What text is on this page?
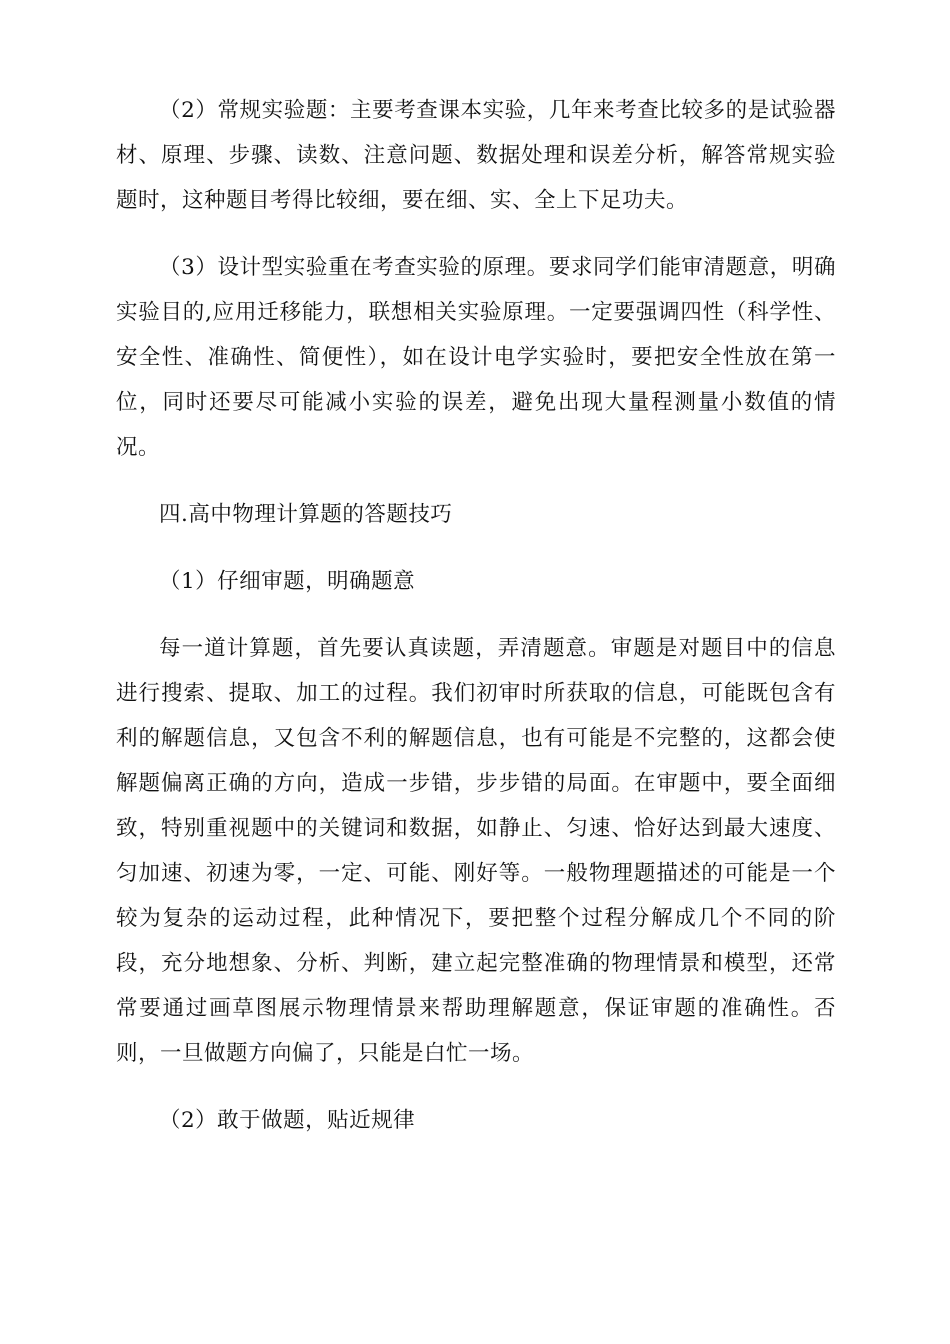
（2）常规实验题：主要考查课本实验，几年来考查比较多的是试验器材、原理、步骤、读数、注意问题、数据处理和误差分析，解答常规实验题时，这种题目考得比较细，要在细、实、全上下足功夫。

（3）设计型实验重在考查实验的原理。要求同学们能审清题意，明确实验目的,应用迁移能力，联想相关实验原理。一定要强调四性（科学性、安全性、准确性、简便性），如在设计电学实验时，要把安全性放在第一位，同时还要尽可能减小实验的误差，避免出现大量程测量小数值的情况。

四.高中物理计算题的答题技巧

（1）仔细审题，明确题意

每一道计算题，首先要认真读题，弄清题意。审题是对题目中的信息进行搜索、提取、加工的过程。我们初审时所获取的信息，可能既包含有利的解题信息，又包含不利的解题信息，也有可能是不完整的，这都会使解题偏离正确的方向，造成一步错，步步错的局面。在审题中，要全面细致，特别重视题中的关键词和数据，如静止、匀速、恰好达到最大速度、匀加速、初速为零，一定、可能、刚好等。一般物理题描述的可能是一个较为复杂的运动过程，此种情况下，要把整个过程分解成几个不同的阶段，充分地想象、分析、判断，建立起完整准确的物理情景和模型，还常常要通过画草图展示物理情景来帮助理解题意，保证审题的准确性。否则，一旦做题方向偏了，只能是白忙一场。

（2）敢于做题，贴近规律
